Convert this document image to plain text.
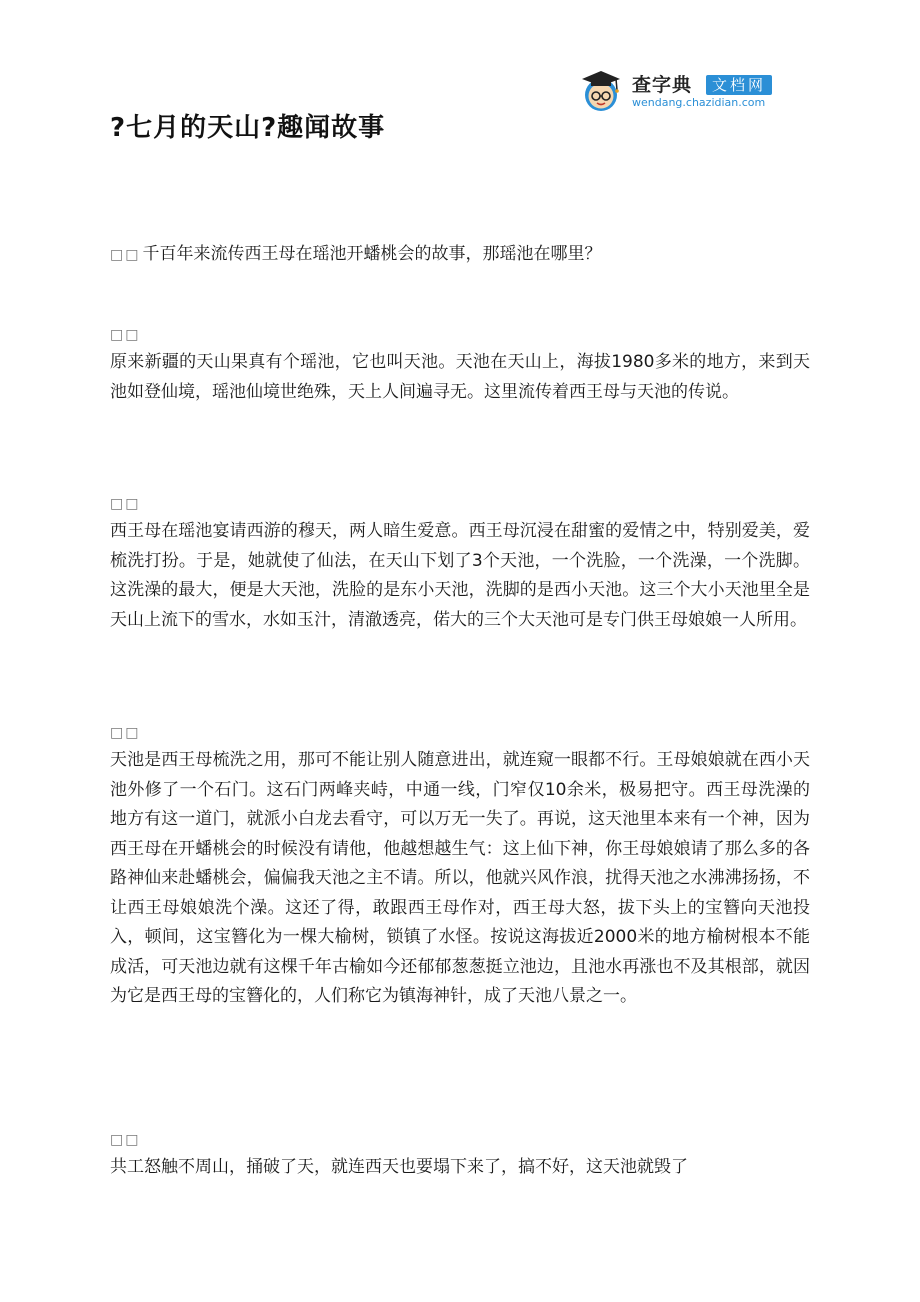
查字典	文档网
wendang.chazidian.com
?七月的天山?趣闻故事
□□ 千百年来流传西王母在瑶池开蟠桃会的故事，那瑶池在哪里？
□□
原来新疆的天山果真有个瑶池，它也叫天池。天池在天山上，海拔1980多米的地方，来到天池如登仙境，瑶池仙境世绝殊，天上人间遍寻无。这里流传着西王母与天池的传说。
□□
西王母在瑶池宴请西游的穆天，两人暗生爱意。西王母沉浸在甜蜜的爱情之中，特别爱美，爱梳洗打扮。于是，她就使了仙法，在天山下划了3个天池，一个洗脸，一个洗澡，一个洗脚。这洗澡的最大，便是大天池，洗脸的是东小天池，洗脚的是西小天池。这三个大小天池里全是天山上流下的雪水，水如玉汁，清澈透亮，偌大的三个大天池可是专门供王母娘娘一人所用。
□□
天池是西王母梳洗之用，那可不能让别人随意进出，就连窥一眼都不行。王母娘娘就在西小天池外修了一个石门。这石门两峰夹峙，中通一线，门窄仅10余米，极易把守。西王母洗澡的地方有这一道门，就派小白龙去看守，可以万无一失了。再说，这天池里本来有一个神，因为西王母在开蟠桃会的时候没有请他，他越想越生气：这上仙下神，你王母娘娘请了那么多的各路神仙来赴蟠桃会，偏偏我天池之主不请。所以，他就兴风作浪，扰得天池之水沸沸扬扬，不让西王母娘娘洗个澡。这还了得，敢跟西王母作对，西王母大怒，拔下头上的宝簪向天池投入，顿间，这宝簪化为一棵大榆树，锁镇了水怪。按说这海拔近2000米的地方榆树根本不能成活，可天池边就有这棵千年古榆如今还郁郁葱葱挺立池边，且池水再涨也不及其根部，就因为它是西王母的宝簪化的，人们称它为镇海神针，成了天池八景之一。
□□
共工怒触不周山，捅破了天，就连西天也要塌下来了，搞不好，这天池就毁了
